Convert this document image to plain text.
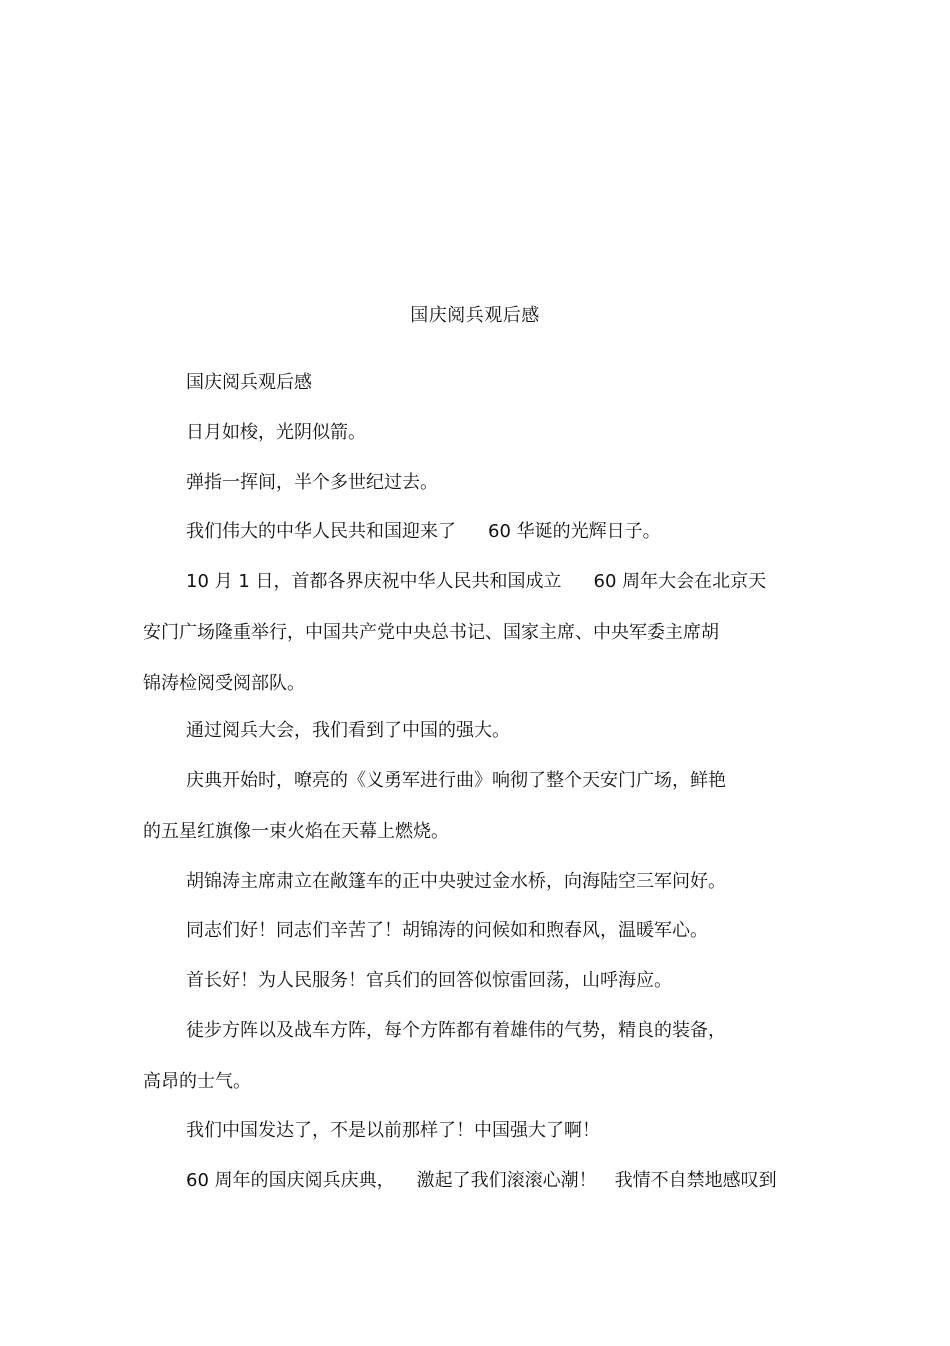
国庆阅兵观后感
国庆阅兵观后感
日月如梭，光阴似箭。
弹指一挥间，半个多世纪过去。
我们伟大的中华人民共和国迎来了 60 华诞的光辉日子。
10 月 1 日，首都各界庆祝中华人民共和国成立 60 周年大会在北京天
安门广场隆重举行，中国共产党中央总书记、国家主席、中央军委主席胡
锦涛检阅受阅部队。
通过阅兵大会，我们看到了中国的强大。
庆典开始时，嘹亮的《义勇军进行曲》响彻了整个天安门广场，鲜艳
的五星红旗像一束火焰在天幕上燃烧。
胡锦涛主席肃立在敞篷车的正中央驶过金水桥，向海陆空三军问好。
同志们好！同志们辛苦了！胡锦涛的问候如和煦春风，温暖军心。
首长好！为人民服务！官兵们的回答似惊雷回荡，山呼海应。
徒步方阵以及战车方阵，每个方阵都有着雄伟的气势，精良的装备，
高昂的士气。
我们中国发达了，不是以前那样了！中国强大了啊！
60 周年的国庆阅兵庆典， 激起了我们滚滚心潮！ 我情不自禁地感叹到
